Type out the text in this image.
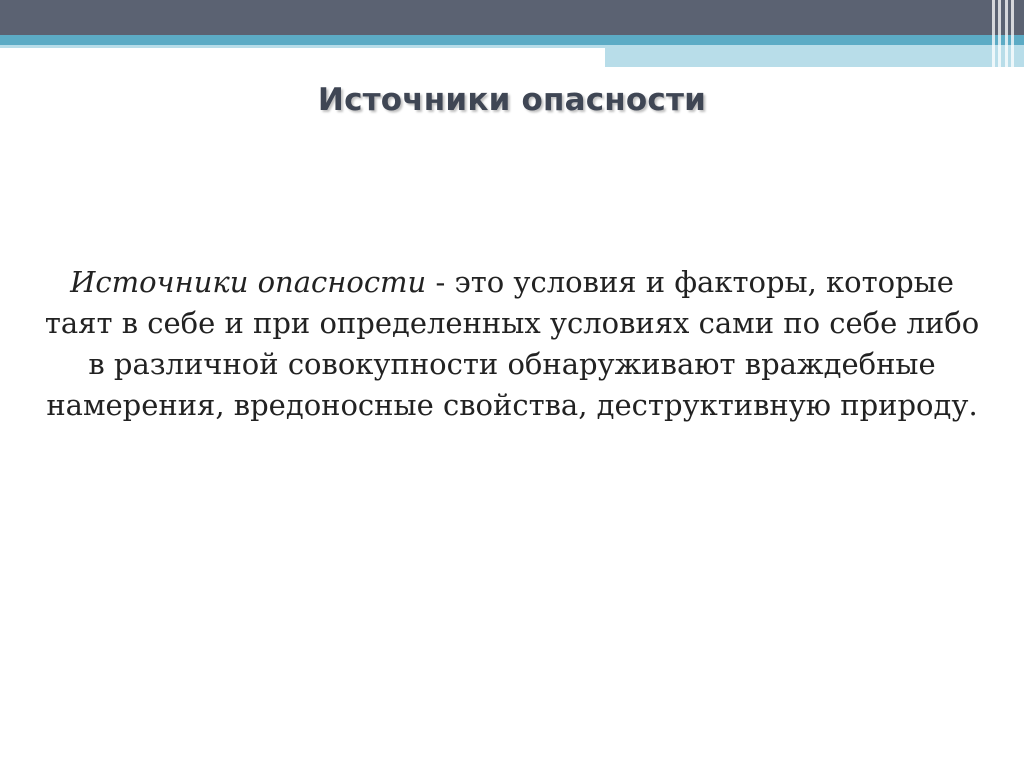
Источники опасности
Источники опасности - это условия и факторы, которые таят в себе и при определенных условиях сами по себе либо в различной совокупности обнаруживают враждебные намерения, вредоносные свойства, деструктивную природу.
